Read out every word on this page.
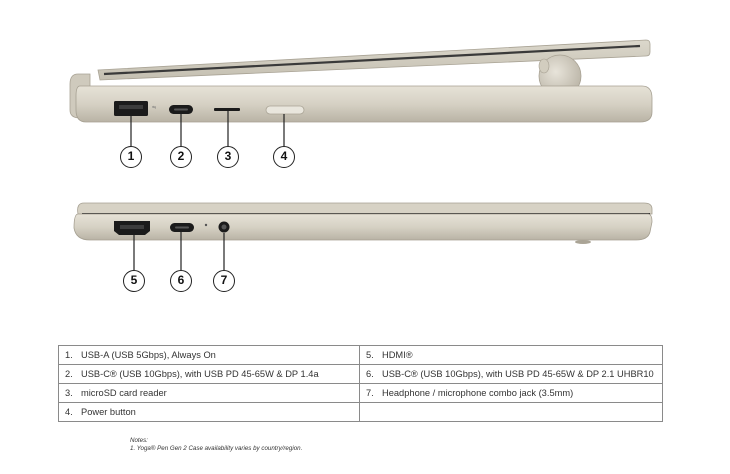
⇋
1	2	3	4
5	6	7
1. USB-A (USB 5Gbps), Always On	5. HDMI®
2. USB-C® (USB 10Gbps), with USB PD 45-65W & DP 1.4a	6. USB-C® (USB 10Gbps), with USB PD 45-65W & DP 2.1 UHBR10
3. microSD card reader	7. Headphone / microphone combo jack (3.5mm)
4. Power button	
Notes:
1. Yoga® Pen Gen 2 Case availability varies by country/region.
